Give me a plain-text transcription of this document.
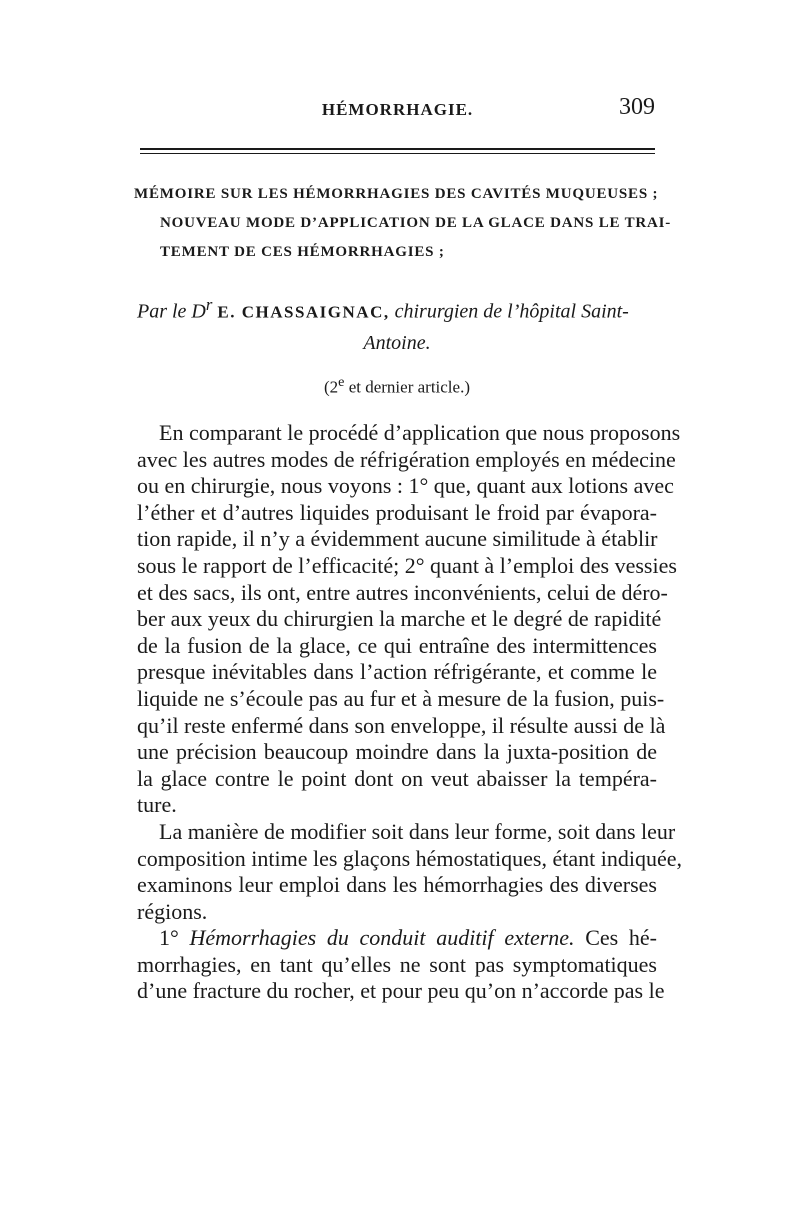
HÉMORRHAGIE.	309
MÉMOIRE SUR LES HÉMORRHAGIES DES CAVITÉS MUQUEUSES ;
NOUVEAU MODE D’APPLICATION DE LA GLACE DANS LE TRAI-
TEMENT DE CES HÉMORRHAGIES ;
Par le $D^r$ E. CHASSAIGNAC, chirurgien de l’hôpital Saint-
Antoine.
(2e et dernier article.)
En comparant le procédé d’application que nous proposons
avec les autres modes de réfrigération employés en médecine
ou en chirurgie, nous voyons : 1° que, quant aux lotions avec
l’éther et d’autres liquides produisant le froid par évapora-
tion rapide, il n’y a évidemment aucune similitude à établir
sous le rapport de l’efficacité; 2° quant à l’emploi des vessies
et des sacs, ils ont, entre autres inconvénients, celui de déro-
ber aux yeux du chirurgien la marche et le degré de rapidité
de la fusion de la glace, ce qui entraîne des intermittences
presque inévitables dans l’action réfrigérante, et comme le
liquide ne s’écoule pas au fur et à mesure de la fusion, puis-
qu’il reste enfermé dans son enveloppe, il résulte aussi de là
une précision beaucoup moindre dans la juxta-position de
la glace contre le point dont on veut abaisser la tempéra-
ture.
La manière de modifier soit dans leur forme, soit dans leur
composition intime les glaçons hémostatiques, étant indiquée,
examinons leur emploi dans les hémorrhagies des diverses
régions.
1° Hémorrhagies du conduit auditif externe. Ces hé-
morrhagies, en tant qu’elles ne sont pas symptomatiques
d’une fracture du rocher, et pour peu qu’on n’accorde pas le
